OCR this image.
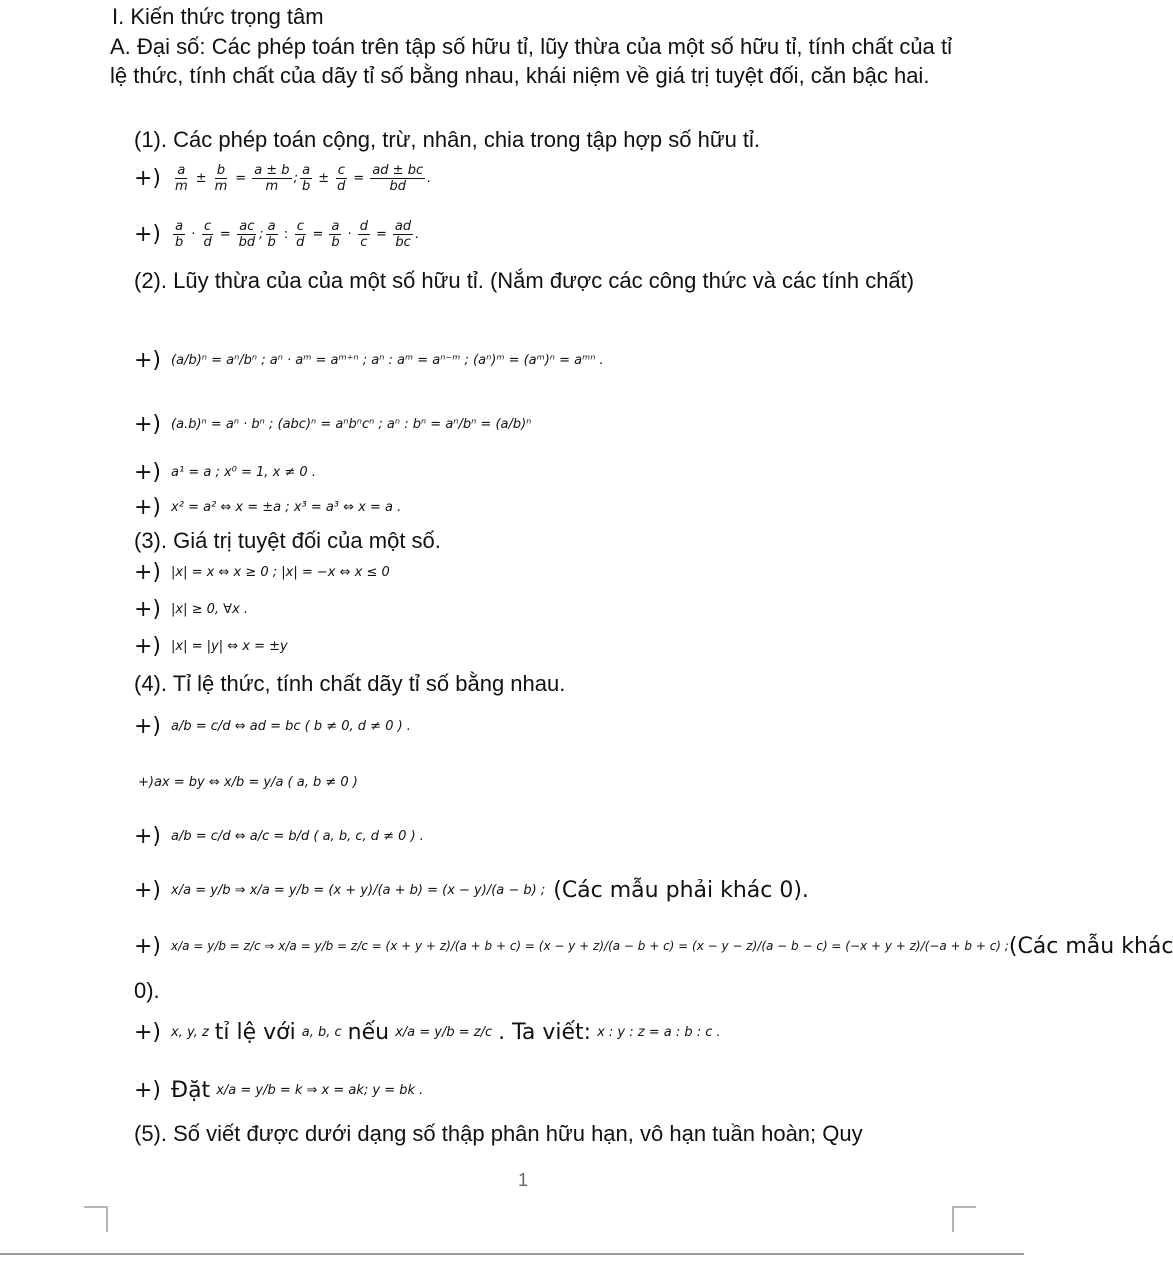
I. Kiến thức trọng tâm
A. Đại số: Các phép toán trên tập số hữu tỉ, lũy thừa của một số hữu tỉ, tính chất của tỉ lệ thức, tính chất của dãy tỉ số bằng nhau, khái niệm về giá trị tuyệt đối, căn bậc hai.
(1). Các phép toán cộng, trừ, nhân, chia trong tập hợp số hữu tỉ.
+) a
m
± $\frac{b}{m} = \frac{a \pm b}{m}$ ;
a
b
± $\frac{c}{d} = \frac{ad \pm bc}{bd}$ .
+) a
b
· $\frac{c}{d} = \frac{ac}{bd}$ ;
a
b
: $\frac{c}{d} = \frac{a}{b} \cdot \frac{d}{c} = \frac{ad}{bc}$ .
(2). Lũy thừa của của một số hữu tỉ. (Nắm được các công thức và các tính chất)
+) (a/b)ⁿ = aⁿ/bⁿ ; aⁿ · aᵐ = aᵐ⁺ⁿ ; aⁿ : aᵐ = aⁿ⁻ᵐ ; (aⁿ)ᵐ = (aᵐ)ⁿ = aᵐⁿ .
+) (a.b)ⁿ = aⁿ · bⁿ ; (abc)ⁿ = aⁿbⁿcⁿ ; aⁿ : bⁿ = aⁿ/bⁿ = (a/b)ⁿ
+) a¹ = a ; x⁰ = 1, x ≠ 0 .
+) x² = a² ⇔ x = ±a ; x³ = a³ ⇔ x = a .
(3). Giá trị tuyệt đối của một số.
+) |x| = x ⇔ x ≥ 0 ; |x| = −x ⇔ x ≤ 0
+) |x| ≥ 0, ∀x .
+) |x| = |y| ⇔ x = ±y
(4). Tỉ lệ thức, tính chất dãy tỉ số bằng nhau.
+) a/b = c/d ⇔ ad = bc ( b ≠ 0, d ≠ 0 ) .
+)ax = by ⇔ x/b = y/a ( a, b ≠ 0 )
+) a/b = c/d ⇔ a/c = b/d ( a, b, c, d ≠ 0 ) .
+) x/a = y/b ⇒ x/a = y/b = (x + y)/(a + b) = (x − y)/(a − b) ; (Các mẫu phải khác 0).
+) x/a = y/b = z/c ⇒ x/a = y/b = z/c = (x + y + z)/(a + b + c) = (x − y + z)/(a − b + c) = (x − y − z)/(a − b − c) = (−x + y + z)/(−a + b + c) ; (Các mẫu khác
0).
+) x, y, z tỉ lệ với a, b, c nếu x/a = y/b = z/c . Ta viết: x : y : z = a : b : c .
+) Đặt x/a = y/b = k ⇒ x = ak; y = bk .
(5). Số viết được dưới dạng số thập phân hữu hạn, vô hạn tuần hoàn; Quy
1
